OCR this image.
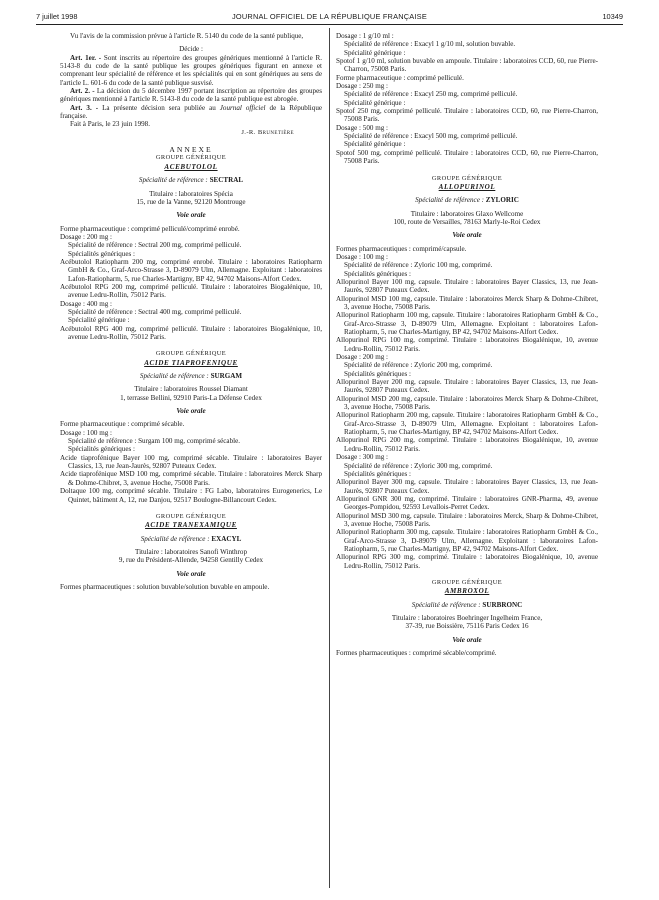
7 juillet 1998	JOURNAL OFFICIEL DE LA RÉPUBLIQUE FRANÇAISE	10349

Vu l'avis de la commission prévue à l'article R. 5140 du code de la santé publique,

Décide :

Art. 1er. - Sont inscrits au répertoire des groupes génériques mentionné à l'article R. 5143-8 du code de la santé publique les groupes génériques figurant en annexe et comprenant leur spécialité de référence et les spécialités qui en sont génériques au sens de l'article L. 601-6 du code de la santé publique susvisé.

Art. 2. - La décision du 5 décembre 1997 portant inscription au répertoire des groupes génériques mentionné à l'article R. 5143-8 du code de la santé publique est abrogée.

Art. 3. - La présente décision sera publiée au Journal officiel de la République française.

Fait à Paris, le 23 juin 1998.

J.-R. Brunetière

ANNEXE

GROUPE GÉNÉRIQUE

ACEBUTOLOL

Spécialité de référence : SECTRAL

Titulaire : laboratoires Spécia

15, rue de la Vanne, 92120 Montrouge

Voie orale

Forme pharmaceutique : comprimé pelliculé/comprimé enrobé.

Dosage : 200 mg :

Spécialité de référence : Sectral 200 mg, comprimé pelliculé.

Spécialités génériques :

Acébutolol Ratiopharm 200 mg, comprimé enrobé. Titulaire : laboratoires Ratiopharm GmbH & Co., Graf-Arco-Strasse 3, D-89079 Ulm, Allemagne. Exploitant : laboratoires Lafon-Ratiopharm, 5, rue Charles-Martigny, BP 42, 94702 Maisons-Alfort Cedex.

Acébutolol RPG 200 mg, comprimé pelliculé. Titulaire : laboratoires Biogalénique, 10, avenue Ledru-Rollin, 75012 Paris.

Dosage : 400 mg :

Spécialité de référence : Sectral 400 mg, comprimé pelliculé.

Spécialité générique :

Acébutolol RPG 400 mg, comprimé pelliculé. Titulaire : laboratoires Biogalénique, 10, avenue Ledru-Rollin, 75012 Paris.

GROUPE GÉNÉRIQUE

ACIDE TIAPROFENIQUE

Spécialité de référence : SURGAM

Titulaire : laboratoires Roussel Diamant

1, terrasse Bellini, 92910 Paris-La Défense Cedex

Voie orale

Forme pharmaceutique : comprimé sécable.

Dosage : 100 mg :

Spécialité de référence : Surgam 100 mg, comprimé sécable.

Spécialités génériques :

Acide tiaprofénique Bayer 100 mg, comprimé sécable. Titulaire : laboratoires Bayer Classics, 13, rue Jean-Jaurès, 92807 Puteaux Cedex.

Acide tiaprofénique MSD 100 mg, comprimé sécable. Titulaire : laboratoires Merck Sharp & Dohme-Chibret, 3, avenue Hoche, 75008 Paris.

Doltaque 100 mg, comprimé sécable. Titulaire : FG Labo, laboratoires Eurogenerics, Le Quintet, bâtiment A, 12, rue Danjou, 92517 Boulogne-Billancourt Cedex.

GROUPE GÉNÉRIQUE

ACIDE TRANEXAMIQUE

Spécialité de référence : EXACYL

Titulaire : laboratoires Sanofi Winthrop

9, rue du Président-Allende, 94258 Gentilly Cedex

Voie orale

Formes pharmaceutiques : solution buvable/solution buvable en ampoule.

Dosage : 1 g/10 ml :

Spécialité de référence : Exacyl 1 g/10 ml, solution buvable.

Spécialité générique :

Spotof 1 g/10 ml, solution buvable en ampoule. Titulaire : laboratoires CCD, 60, rue Pierre-Charron, 75008 Paris.

Forme pharmaceutique : comprimé pelliculé.

Dosage : 250 mg :

Spécialité de référence : Exacyl 250 mg, comprimé pelliculé.

Spécialité générique :

Spotof 250 mg, comprimé pelliculé. Titulaire : laboratoires CCD, 60, rue Pierre-Charron, 75008 Paris.

Dosage : 500 mg :

Spécialité de référence : Exacyl 500 mg, comprimé pelliculé.

Spécialité générique :

Spotof 500 mg, comprimé pelliculé. Titulaire : laboratoires CCD, 60, rue Pierre-Charron, 75008 Paris.

GROUPE GÉNÉRIQUE

ALLOPURINOL

Spécialité de référence : ZYLORIC

Titulaire : laboratoires Glaxo Wellcome

100, route de Versailles, 78163 Marly-le-Roi Cedex

Voie orale

Formes pharmaceutiques : comprimé/capsule.

Dosage : 100 mg :

Spécialité de référence : Zyloric 100 mg, comprimé.

Spécialités génériques :

Allopurinol Bayer 100 mg, capsule. Titulaire : laboratoires Bayer Classics, 13, rue Jean-Jaurès, 92807 Puteaux Cedex.

Allopurinol MSD 100 mg, capsule. Titulaire : laboratoires Merck Sharp & Dohme-Chibret, 3, avenue Hoche, 75008 Paris.

Allopurinol Ratiopharm 100 mg, capsule. Titulaire : laboratoires Ratiopharm GmbH & Co., Graf-Arco-Strasse 3, D-89079 Ulm, Allemagne. Exploitant : laboratoires Lafon-Ratiopharm, 5, rue Charles-Martigny, BP 42, 94702 Maisons-Alfort Cedex.

Allopurinol RPG 100 mg, comprimé. Titulaire : laboratoires Biogalénique, 10, avenue Ledru-Rollin, 75012 Paris.

Dosage : 200 mg :

Spécialité de référence : Zyloric 200 mg, comprimé.

Spécialités génériques :

Allopurinol Bayer 200 mg, capsule. Titulaire : laboratoires Bayer Classics, 13, rue Jean-Jaurès, 92807 Puteaux Cedex.

Allopurinol MSD 200 mg, capsule. Titulaire : laboratoires Merck Sharp & Dohme-Chibret, 3, avenue Hoche, 75008 Paris.

Allopurinol Ratiopharm 200 mg, capsule. Titulaire : laboratoires Ratiopharm GmbH & Co., Graf-Arco-Strasse 3, D-89079 Ulm, Allemagne. Exploitant : laboratoires Lafon-Ratiopharm, 5, rue Charles-Martigny, BP 42, 94702 Maisons-Alfort Cedex.

Allopurinol RPG 200 mg, comprimé. Titulaire : laboratoires Biogalénique, 10, avenue Ledru-Rollin, 75012 Paris.

Dosage : 300 mg :

Spécialité de référence : Zyloric 300 mg, comprimé.

Spécialités génériques :

Allopurinol Bayer 300 mg, capsule. Titulaire : laboratoires Bayer Classics, 13, rue Jean-Jaurès, 92807 Puteaux Cedex.

Allopurinol GNR 300 mg, comprimé. Titulaire : laboratoires GNR-Pharma, 49, avenue Georges-Pompidou, 92593 Levallois-Perret Cedex.

Allopurinol MSD 300 mg, capsule. Titulaire : laboratoires Merck, Sharp & Dohme-Chibret, 3, avenue Hoche, 75008 Paris.

Allopurinol Ratiopharm 300 mg, capsule. Titulaire : laboratoires Ratiopharm GmbH & Co., Graf-Arco-Strasse 3, D-89079 Ulm, Allemagne. Exploitant : laboratoires Lafon-Ratiopharm, 5, rue Charles-Martigny, BP 42, 94702 Maisons-Alfort Cedex.

Allopurinol RPG 300 mg, comprimé. Titulaire : laboratoires Biogalénique, 10, avenue Ledru-Rollin, 75012 Paris.

GROUPE GÉNÉRIQUE

AMBROXOL

Spécialité de référence : SURBRONC

Titulaire : laboratoires Boehringer Ingelheim France,

37-39, rue Boissière, 75116 Paris Cedex 16

Voie orale

Formes pharmaceutiques : comprimé sécable/comprimé.
